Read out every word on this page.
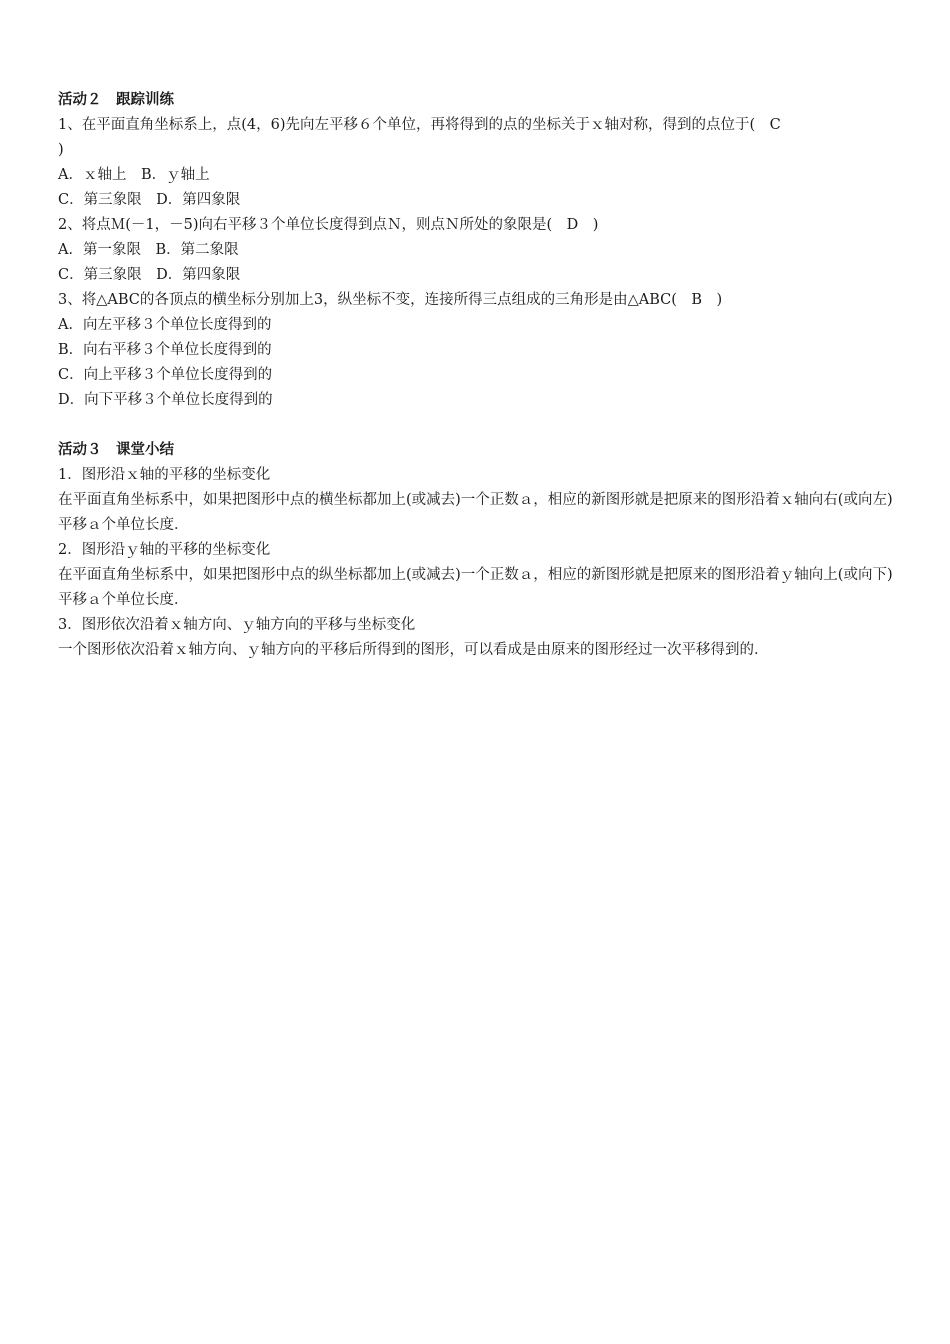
活动２　跟踪训练
1、在平面直角坐标系上，点(4，6)先向左平移６个单位，再将得到的点的坐标关于ｘ轴对称，得到的点位于(　C
)
A．ｘ轴上　B．ｙ轴上
C．第三象限　D．第四象限
2、将点Ｍ(－1，－5)向右平移３个单位长度得到点Ｎ，则点Ｎ所处的象限是(　D　)
A．第一象限　B．第二象限
C．第三象限　D．第四象限
3、将△ABC的各顶点的横坐标分别加上3，纵坐标不变，连接所得三点组成的三角形是由△ABC(　B　)
A．向左平移３个单位长度得到的
B．向右平移３个单位长度得到的
C．向上平移３个单位长度得到的
D．向下平移３个单位长度得到的
活动３　课堂小结
1．图形沿ｘ轴的平移的坐标变化
在平面直角坐标系中，如果把图形中点的横坐标都加上(或减去)一个正数ａ，相应的新图形就是把原来的图形沿着ｘ轴向右(或向左)平移ａ个单位长度．
2．图形沿ｙ轴的平移的坐标变化
在平面直角坐标系中，如果把图形中点的纵坐标都加上(或减去)一个正数ａ，相应的新图形就是把原来的图形沿着ｙ轴向上(或向下)平移ａ个单位长度．
3．图形依次沿着ｘ轴方向、ｙ轴方向的平移与坐标变化
一个图形依次沿着ｘ轴方向、ｙ轴方向的平移后所得到的图形，可以看成是由原来的图形经过一次平移得到的．
